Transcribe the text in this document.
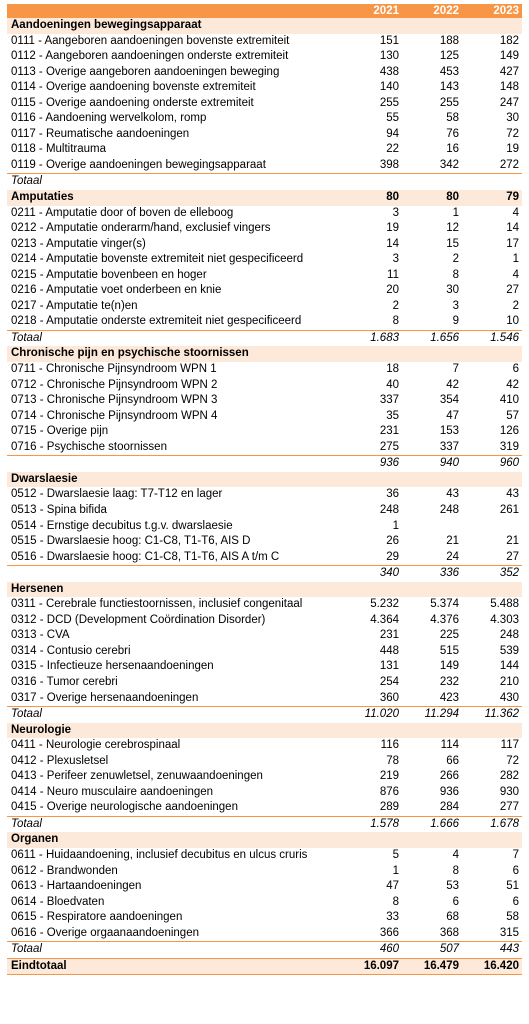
	2021	2022	2023
Aandoeningen bewegingsapparaat			
0111 - Aangeboren aandoeningen bovenste extremiteit	151	188	182
0112 - Aangeboren aandoeningen onderste extremiteit	130	125	149
0113 - Overige aangeboren aandoeningen beweging	438	453	427
0114 - Overige aandoening bovenste extremiteit	140	143	148
0115 - Overige aandoening onderste extremiteit	255	255	247
0116 - Aandoening wervelkolom, romp	55	58	30
0117 - Reumatische aandoeningen	94	76	72
0118 - Multitrauma	22	16	19
0119 - Overige aandoeningen bewegingsapparaat	398	342	272
Totaal			
Amputaties	80	80	79
0211 - Amputatie door of boven de elleboog	3	1	4
0212 - Amputatie onderarm/hand, exclusief vingers	19	12	14
0213 - Amputatie vinger(s)	14	15	17
0214 - Amputatie bovenste extremiteit niet gespecificeerd	3	2	1
0215 - Amputatie bovenbeen en hoger	11	8	4
0216 - Amputatie voet onderbeen en knie	20	30	27
0217 - Amputatie te(n)en	2	3	2
0218 - Amputatie onderste extremiteit niet gespecificeerd	8	9	10
Totaal	1.683	1.656	1.546
Chronische pijn en psychische stoornissen			
0711 - Chronische Pijnsyndroom WPN 1	18	7	6
0712 - Chronische Pijnsyndroom WPN 2	40	42	42
0713 - Chronische Pijnsyndroom WPN 3	337	354	410
0714 - Chronische Pijnsyndroom WPN 4	35	47	57
0715 - Overige pijn	231	153	126
0716 - Psychische stoornissen	275	337	319
	936	940	960
Dwarslaesie			
0512 - Dwarslaesie laag: T7-T12 en lager	36	43	43
0513 - Spina bifida	248	248	261
0514 - Ernstige decubitus t.g.v. dwarslaesie	1		
0515 - Dwarslaesie hoog: C1-C8, T1-T6, AIS D	26	21	21
0516 - Dwarslaesie hoog: C1-C8, T1-T6, AIS A t/m C	29	24	27
	340	336	352
Hersenen			
0311 - Cerebrale functiestoornissen, inclusief congenitaal	5.232	5.374	5.488
0312 - DCD (Development Coördination Disorder)	4.364	4.376	4.303
0313 - CVA	231	225	248
0314 - Contusio cerebri	448	515	539
0315 - Infectieuze hersenaandoeningen	131	149	144
0316 - Tumor cerebri	254	232	210
0317 - Overige hersenaandoeningen	360	423	430
Totaal	11.020	11.294	11.362
Neurologie			
0411 - Neurologie cerebrospinaal	116	114	117
0412 - Plexusletsel	78	66	72
0413 - Perifeer zenuwletsel, zenuwaandoeningen	219	266	282
0414 - Neuro musculaire aandoeningen	876	936	930
0415 - Overige neurologische aandoeningen	289	284	277
Totaal	1.578	1.666	1.678
Organen			
0611 - Huidaandoening, inclusief decubitus en ulcus cruris	5	4	7
0612 - Brandwonden	1	8	6
0613 - Hartaandoeningen	47	53	51
0614 - Bloedvaten	8	6	6
0615 - Respiratore aandoeningen	33	68	58
0616 - Overige orgaanaandoeningen	366	368	315
Totaal	460	507	443
Eindtotaal	16.097	16.479	16.420
